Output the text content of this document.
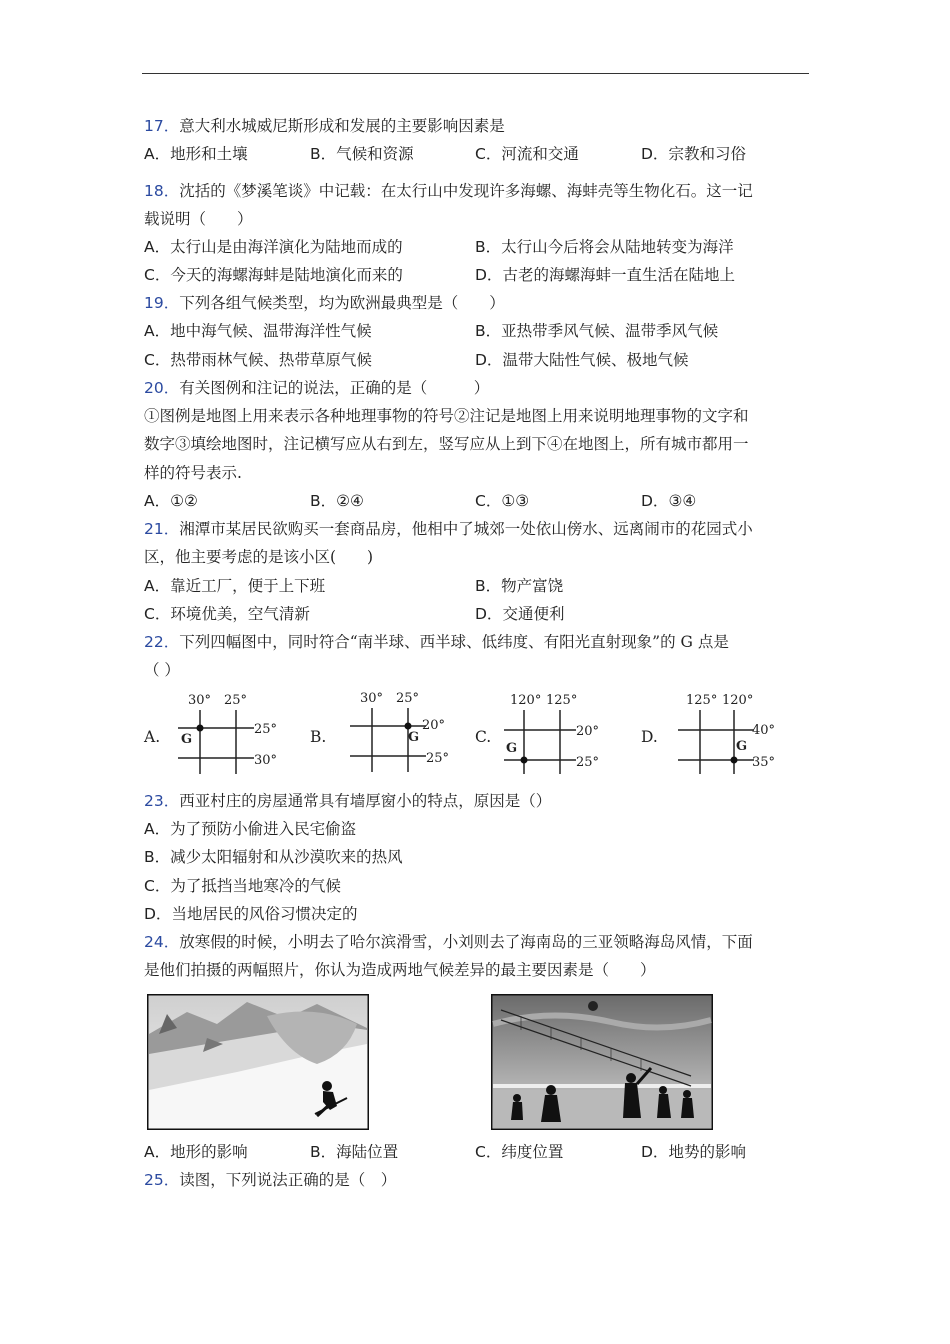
17．意大利水城威尼斯形成和发展的主要影响因素是
A．地形和土壤	B．气候和资源	C．河流和交通	D．宗教和习俗
18．沈括的《梦溪笔谈》中记载：在太行山中发现许多海螺、海蚌壳等生物化石。这一记
载说明（　　）
A．太行山是由海洋演化为陆地而成的	B．太行山今后将会从陆地转变为海洋
C．今天的海螺海蚌是陆地演化而来的	D．古老的海螺海蚌一直生活在陆地上
19．下列各组气候类型，均为欧洲最典型是（　　）
A．地中海气候、温带海洋性气候	B．亚热带季风气候、温带季风气候
C．热带雨林气候、热带草原气候	D．温带大陆性气候、极地气候
20．有关图例和注记的说法，正确的是（　　　）
①图例是地图上用来表示各种地理事物的符号②注记是地图上用来说明地理事物的文字和
数字③填绘地图时，注记横写应从右到左，竖写应从上到下④在地图上，所有城市都用一
样的符号表示.
A．①②	B．②④	C．①③	D．③④
21．湘潭市某居民欲购买一套商品房，他相中了城郊一处依山傍水、远离闹市的花园式小
区，他主要考虑的是该小区(　　)
A．靠近工厂，便于上下班	B．物产富饶
C．环境优美，空气清新	D．交通便利
22．下列四幅图中，同时符合“南半球、西半球、低纬度、有阳光直射现象”的 G 点是
（ ）
A.
30° 25°
25°
30°
G	B.
30° 25°
20°
25°
G	C.
120° 125°
20°
25°
G
D.
125° 120°
40°
35°
G
23．西亚村庄的房屋通常具有墙厚窗小的特点，原因是（）
A．为了预防小偷进入民宅偷盗
B．减少太阳辐射和从沙漠吹来的热风
C．为了抵挡当地寒冷的气候
D．当地居民的风俗习惯决定的
24．放寒假的时候，小明去了哈尔滨滑雪，小刘则去了海南岛的三亚领略海岛风情，下面
是他们拍摄的两幅照片，你认为造成两地气候差异的最主要因素是（　　）
A．地形的影响	B．海陆位置	C．纬度位置	D．地势的影响
25．读图，下列说法正确的是（　）
